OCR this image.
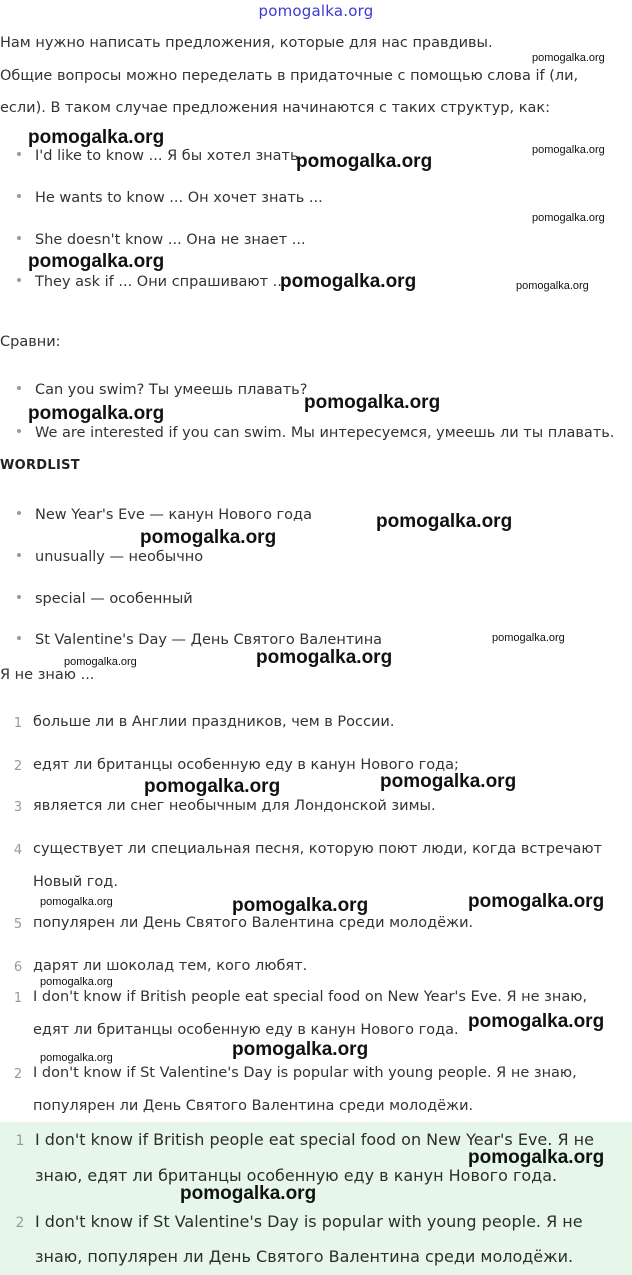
pomogalka.org
Нам нужно написать предложения, которые для нас правдивы.
Общие вопросы можно переделать в придаточные с помощью слова if (ли,
если). В таком случае предложения начинаются с таких структур, как:
I'd like to know ... Я бы хотел знать ...
He wants to know ... Он хочет знать ...
She doesn't know ... Она не знает ...
They ask if ... Они спрашивают ...
Сравни:
Can you swim? Ты умеешь плавать?
We are interested if you can swim. Мы интересуемся, умеешь ли ты плавать.
WORDLIST
New Year's Eve — канун Нового года
unusually — необычно
special — особенный
St Valentine's Day — День Святого Валентина
Я не знаю ...
1 больше ли в Англии праздников, чем в России.
2 едят ли британцы особенную еду в канун Нового года;
3 является ли снег необычным для Лондонской зимы.
4 существует ли специальная песня, которую поют люди, когда встречают
Новый год.
5 популярен ли День Святого Валентина среди молодёжи.
6 дарят ли шоколад тем, кого любят.
1 I don't know if British people eat special food on New Year's Eve. Я не знаю,
едят ли британцы особенную еду в канун Нового года.
2 I don't know if St Valentine's Day is popular with young people. Я не знаю,
популярен ли День Святого Валентина среди молодёжи.
1 I don't know if British people eat special food on New Year's Eve. Я не
знаю, едят ли британцы особенную еду в канун Нового года.
2 I don't know if St Valentine's Day is popular with young people. Я не
знаю, популярен ли День Святого Валентина среди молодёжи.
pomogalka.org
pomogalka.org
pomogalka.org
pomogalka.org
pomogalka.org
pomogalka.org
pomogalka.org
pomogalka.org
pomogalka.org
pomogalka.org
pomogalka.org
pomogalka.org
pomogalka.org
pomogalka.org
pomogalka.org
pomogalka.org
pomogalka.org
pomogalka.org
pomogalka.org
pomogalka.org
pomogalka.org
pomogalka.org
pomogalka.org
pomogalka.org
pomogalka.org
pomogalka.org
